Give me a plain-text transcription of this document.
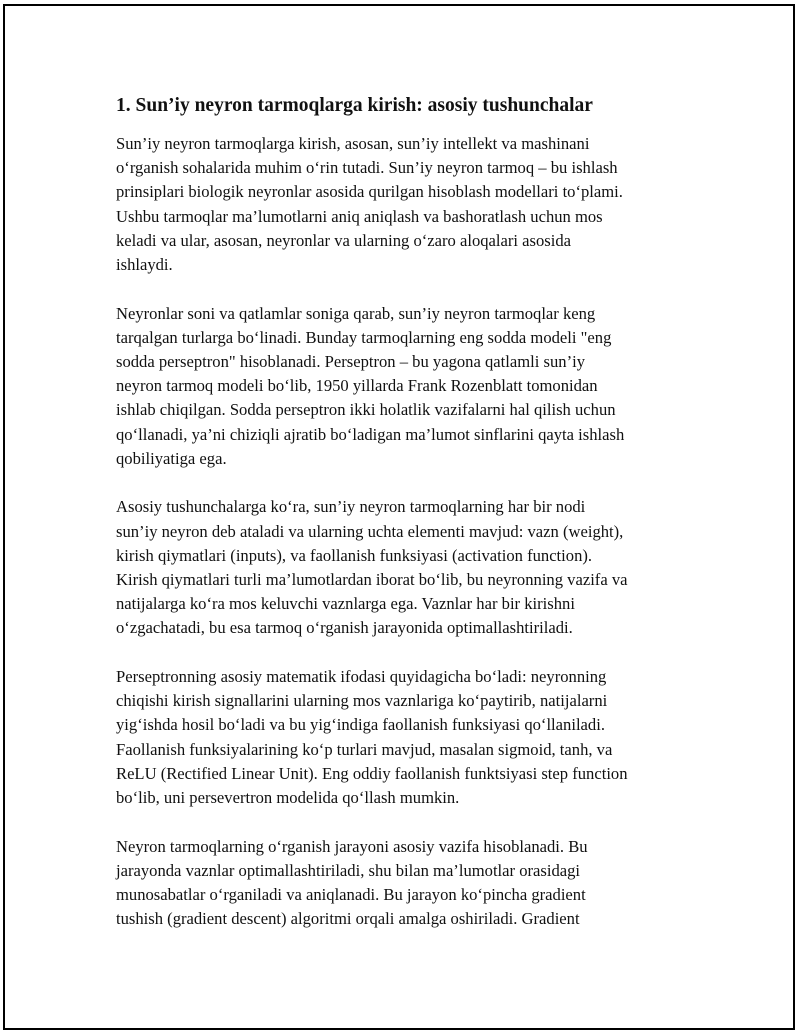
1. Sun’iy neyron tarmoqlarga kirish: asosiy tushunchalar

Sun’iy neyron tarmoqlarga kirish, asosan, sun’iy intellekt va mashinani
o‘rganish sohalarida muhim o‘rin tutadi. Sun’iy neyron tarmoq – bu ishlash
prinsiplari biologik neyronlar asosida qurilgan hisoblash modellari to‘plami.
Ushbu tarmoqlar ma’lumotlarni aniq aniqlash va bashoratlash uchun mos
keladi va ular, asosan, neyronlar va ularning o‘zaro aloqalari asosida
ishlaydi.

Neyronlar soni va qatlamlar soniga qarab, sun’iy neyron tarmoqlar keng
tarqalgan turlarga bo‘linadi. Bunday tarmoqlarning eng sodda modeli "eng
sodda perseptron" hisoblanadi. Perseptron – bu yagona qatlamli sun’iy
neyron tarmoq modeli bo‘lib, 1950 yillarda Frank Rozenblatt tomonidan
ishlab chiqilgan. Sodda perseptron ikki holatlik vazifalarni hal qilish uchun
qo‘llanadi, ya’ni chiziqli ajratib bo‘ladigan ma’lumot sinflarini qayta ishlash
qobiliyatiga ega.

Asosiy tushunchalarga ko‘ra, sun’iy neyron tarmoqlarning har bir nodi
sun’iy neyron deb ataladi va ularning uchta elementi mavjud: vazn (weight),
kirish qiymatlari (inputs), va faollanish funksiyasi (activation function).
Kirish qiymatlari turli ma’lumotlardan iborat bo‘lib, bu neyronning vazifa va
natijalarga ko‘ra mos keluvchi vaznlarga ega. Vaznlar har bir kirishni
o‘zgachatadi, bu esa tarmoq o‘rganish jarayonida optimallashtiriladi.

Perseptronning asosiy matematik ifodasi quyidagicha bo‘ladi: neyronning
chiqishi kirish signallarini ularning mos vaznlariga ko‘paytirib, natijalarni
yig‘ishda hosil bo‘ladi va bu yig‘indiga faollanish funksiyasi qo‘llaniladi.
Faollanish funksiyalarining ko‘p turlari mavjud, masalan sigmoid, tanh, va
ReLU (Rectified Linear Unit). Eng oddiy faollanish funktsiyasi step function
bo‘lib, uni persevertron modelida qo‘llash mumkin.

Neyron tarmoqlarning o‘rganish jarayoni asosiy vazifa hisoblanadi. Bu
jarayonda vaznlar optimallashtiriladi, shu bilan ma’lumotlar orasidagi
munosabatlar o‘rganiladi va aniqlanadi. Bu jarayon ko‘pincha gradient
tushish (gradient descent) algoritmi orqali amalga oshiriladi. Gradient
